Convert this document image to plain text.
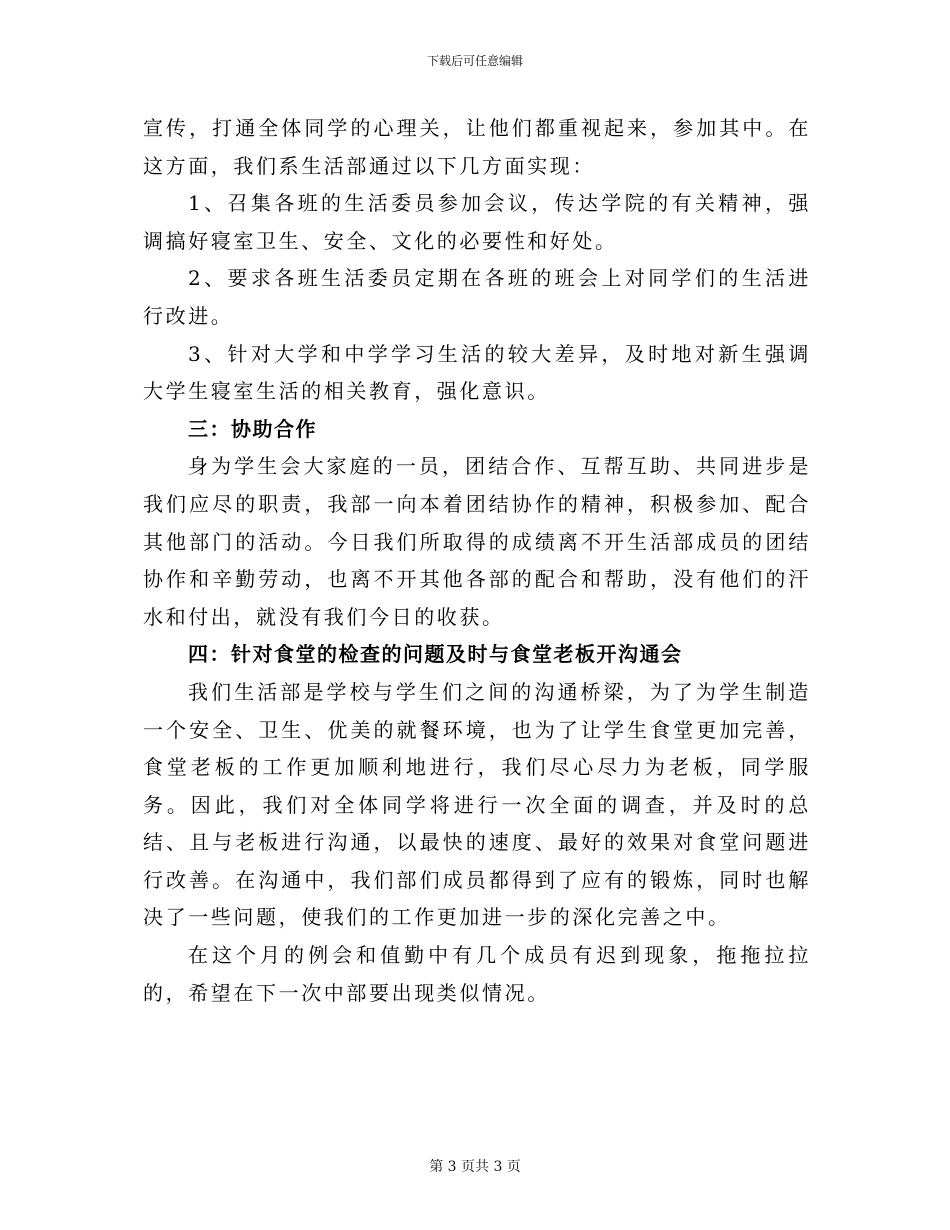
下载后可任意编辑

宣传，打通全体同学的心理关，让他们都重视起来，参加其中。在这方面，我们系生活部通过以下几方面实现：

1、召集各班的生活委员参加会议，传达学院的有关精神，强调搞好寝室卫生、安全、文化的必要性和好处。

2、要求各班生活委员定期在各班的班会上对同学们的生活进行改进。

3、针对大学和中学学习生活的较大差异，及时地对新生强调大学生寝室生活的相关教育，强化意识。

三：协助合作

身为学生会大家庭的一员，团结合作、互帮互助、共同进步是我们应尽的职责，我部一向本着团结协作的精神，积极参加、配合其他部门的活动。今日我们所取得的成绩离不开生活部成员的团结协作和辛勤劳动，也离不开其他各部的配合和帮助，没有他们的汗水和付出，就没有我们今日的收获。

四：针对食堂的检查的问题及时与食堂老板开沟通会

我们生活部是学校与学生们之间的沟通桥梁，为了为学生制造一个安全、卫生、优美的就餐环境，也为了让学生食堂更加完善，食堂老板的工作更加顺利地进行，我们尽心尽力为老板，同学服务。因此，我们对全体同学将进行一次全面的调查，并及时的总结、且与老板进行沟通，以最快的速度、最好的效果对食堂问题进行改善。在沟通中，我们部们成员都得到了应有的锻炼，同时也解决了一些问题，使我们的工作更加进一步的深化完善之中。

在这个月的例会和值勤中有几个成员有迟到现象，拖拖拉拉的，希望在下一次中部要出现类似情况。

第 3 页共 3 页
